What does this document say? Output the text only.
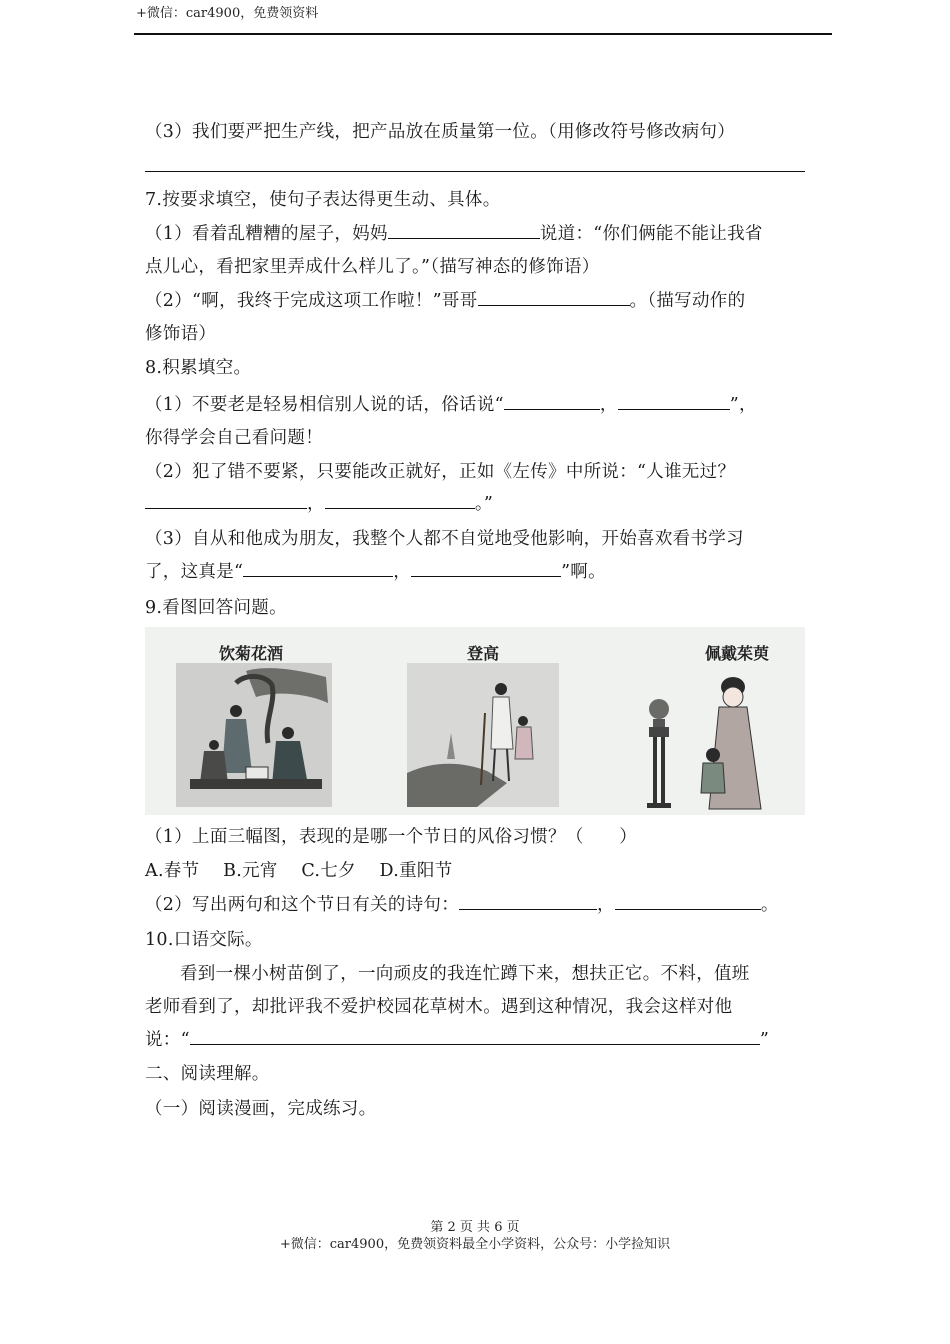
+微信：car4900，免费领资料
（3）我们要严把生产线，把产品放在质量第一位。（用修改符号修改病句）
7.按要求填空，使句子表达得更生动、具体。
（1）看着乱糟糟的屋子，妈妈	说道：“你们俩能不能让我省
点儿心，看把家里弄成什么样儿了。”（描写神态的修饰语）
（2）“啊，我终于完成这项工作啦！”哥哥	。（描写动作的
修饰语）
8.积累填空。
（1）不要老是轻易相信别人说的话，俗话说“	，	”，
你得学会自己看问题！
（2）犯了错不要紧，只要能改正就好，正如《左传》中所说：“人谁无过？
，	。”
（3）自从和他成为朋友，我整个人都不自觉地受他影响，开始喜欢看书学习
了，这真是“	，	”啊。
9.看图回答问题。
饮菊花酒	登高	佩戴茱萸
（1）上面三幅图，表现的是哪一个节日的风俗习惯？（　　）
A.春节　 B.元宵　 C.七夕　 D.重阳节
（2）写出两句和这个节日有关的诗句：	，	。
10.口语交际。
看到一棵小树苗倒了，一向顽皮的我连忙蹲下来，想扶正它。不料，值班
老师看到了，却批评我不爱护校园花草树木。遇到这种情况，我会这样对他
说：“	”
二、阅读理解。
（一）阅读漫画，完成练习。
第 2 页 共 6 页
+微信：car4900，免费领资料最全小学资料，公众号：小学捡知识
